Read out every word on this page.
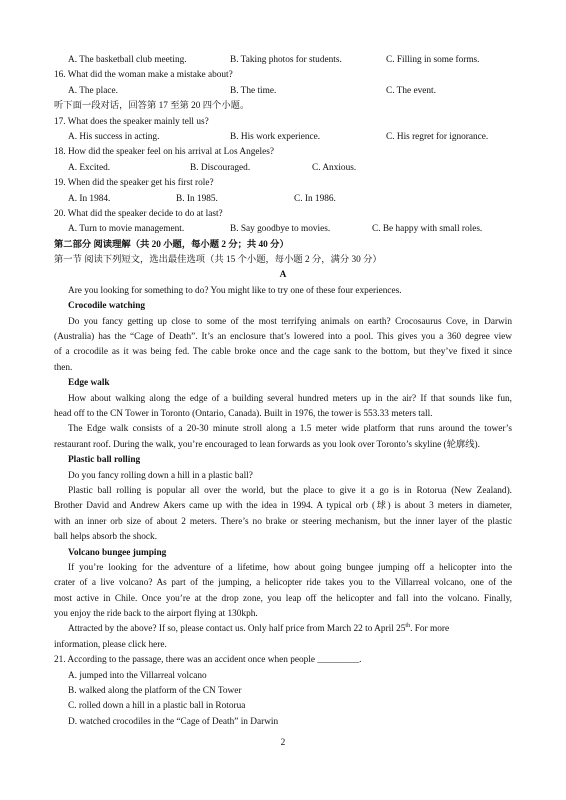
A. The basketball club meeting.	B. Taking photos for students.	C. Filling in some forms.
16. What did the woman make a mistake about?
A. The place.	B. The time.	C. The event.
听下面一段对话，回答第 17 至第 20 四个小题。
17. What does the speaker mainly tell us?
A. His success in acting.	B. His work experience.	C. His regret for ignorance.
18. How did the speaker feel on his arrival at Los Angeles?
A. Excited.	B. Discouraged.	C. Anxious.
19. When did the speaker get his first role?
A. In 1984.	B. In 1985.	C. In 1986.
20. What did the speaker decide to do at last?
A. Turn to movie management.	B. Say goodbye to movies.	C. Be happy with small roles.
第二部分 阅读理解（共 20 小题，每小题 2 分；共 40 分）
第一节 阅读下列短文，选出最佳选项（共 15 个小题，每小题 2 分，满分 30 分）
A
Are you looking for something to do? You might like to try one of these four experiences.
Crocodile watching
Do you fancy getting up close to some of the most terrifying animals on earth? Crocosaurus Cove, in Darwin
(Australia) has the “Cage of Death”. It’s an enclosure that’s lowered into a pool. This gives you a 360 degree view
of a crocodile as it was being fed. The cable broke once and the cage sank to the bottom, but they’ve fixed it since
then.
Edge walk
How about walking along the edge of a building several hundred meters up in the air? If that sounds like fun,
head off to the CN Tower in Toronto (Ontario, Canada). Built in 1976, the tower is 553.33 meters tall.
The Edge walk consists of a 20-30 minute stroll along a 1.5 meter wide platform that runs around the tower’s
restaurant roof. During the walk, you’re encouraged to lean forwards as you look over Toronto’s skyline (轮廓线).
Plastic ball rolling
Do you fancy rolling down a hill in a plastic ball?
Plastic ball rolling is popular all over the world, but the place to give it a go is in Rotorua (New Zealand).
Brother David and Andrew Akers came up with the idea in 1994. A typical orb (球) is about 3 meters in diameter,
with an inner orb size of about 2 meters. There’s no brake or steering mechanism, but the inner layer of the plastic
ball helps absorb the shock.
Volcano bungee jumping
If you’re looking for the adventure of a lifetime, how about going bungee jumping off a helicopter into the
crater of a live volcano? As part of the jumping, a helicopter ride takes you to the Villarreal volcano, one of the
most active in Chile. Once you’re at the drop zone, you leap off the helicopter and fall into the volcano. Finally,
you enjoy the ride back to the airport flying at 130kph.
Attracted by the above? If so, please contact us. Only half price from March 22 to April 25th. For more
information, please click here.
21. According to the passage, there was an accident once when people _________.
A. jumped into the Villarreal volcano
B. walked along the platform of the CN Tower
C. rolled down a hill in a plastic ball in Rotorua
D. watched crocodiles in the “Cage of Death” in Darwin
2
